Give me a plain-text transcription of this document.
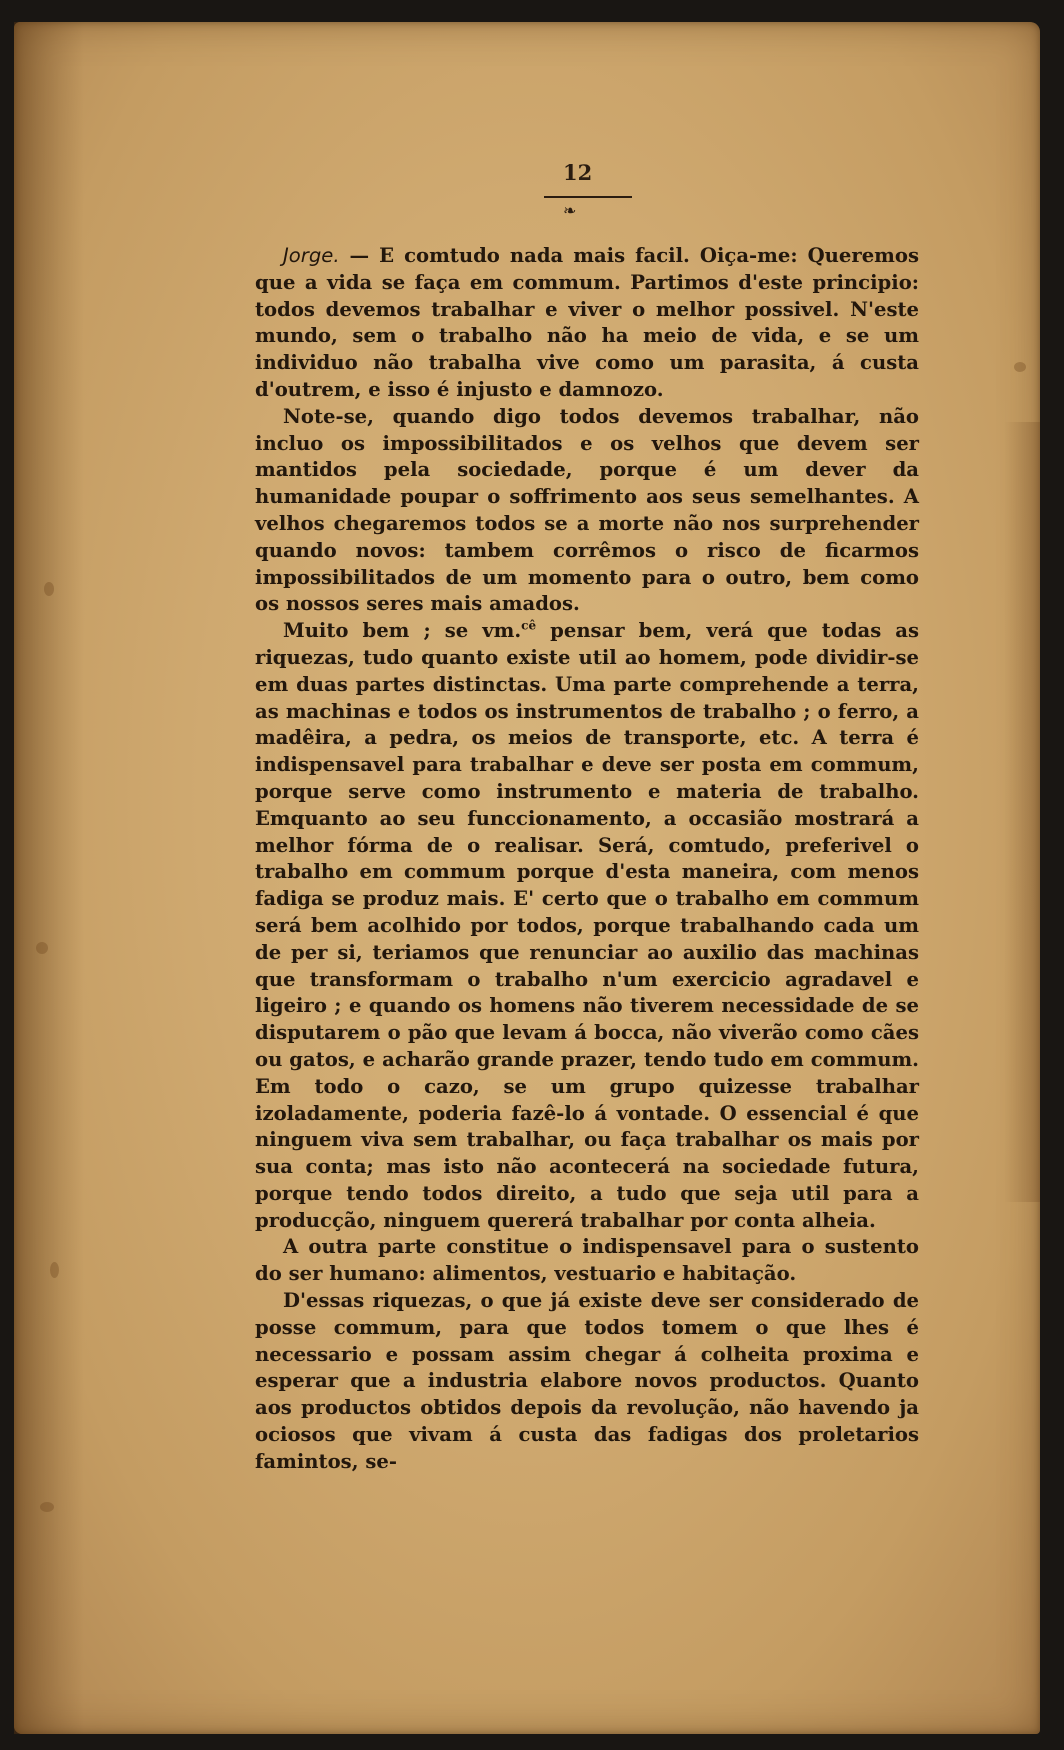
12
❧

Jorge. — E comtudo nada mais facil. Oiça-me: Queremos que a vida se faça em commum. Partimos d'este principio: todos devemos trabalhar e viver o melhor possivel. N'este mundo, sem o trabalho não ha meio de vida, e se um individuo não trabalha vive como um parasita, á custa d'outrem, e isso é injusto e damnozo.

Note-se, quando digo todos devemos trabalhar, não incluo os impossibilitados e os velhos que devem ser mantidos pela sociedade, porque é um dever da humanidade poupar o soffrimento aos seus semelhantes. A velhos chegaremos todos se a morte não nos surprehender quando novos: tambem corrêmos o risco de ficarmos impossibilitados de um momento para o outro, bem como os nossos seres mais amados.

Muito bem ; se vm.$^{cê}$ pensar bem, verá que todas as riquezas, tudo quanto existe util ao homem, pode dividir-se em duas partes distinctas. Uma parte comprehende a terra, as machinas e todos os instrumentos de trabalho ; o ferro, a madêira, a pedra, os meios de transporte, etc. A terra é indispensavel para trabalhar e deve ser posta em commum, porque serve como instrumento e materia de trabalho. Emquanto ao seu funccionamento, a occasião mostrará a melhor fórma de o realisar. Será, comtudo, preferivel o trabalho em commum porque d'esta maneira, com menos fadiga se produz mais. E' certo que o trabalho em commum será bem acolhido por todos, porque trabalhando cada um de per si, teriamos que renunciar ao auxilio das machinas que transformam o trabalho n'um exercicio agradavel e ligeiro ; e quando os homens não tiverem necessidade de se disputarem o pão que levam á bocca, não viverão como cães ou gatos, e acharão grande prazer, tendo tudo em commum. Em todo o cazo, se um grupo quizesse trabalhar izoladamente, poderia fazê-lo á vontade. O essencial é que ninguem viva sem trabalhar, ou faça trabalhar os mais por sua conta; mas isto não acontecerá na sociedade futura, porque tendo todos direito, a tudo que seja util para a producção, ninguem quererá trabalhar por conta alheia.

A outra parte constitue o indispensavel para o sustento do ser humano: alimentos, vestuario e habitação.

D'essas riquezas, o que já existe deve ser considerado de posse commum, para que todos tomem o que lhes é necessario e possam assim chegar á colheita proxima e esperar que a industria elabore novos productos. Quanto aos productos obtidos depois da revolução, não havendo ja ociosos que vivam á custa das fadigas dos proletarios famintos, se-
